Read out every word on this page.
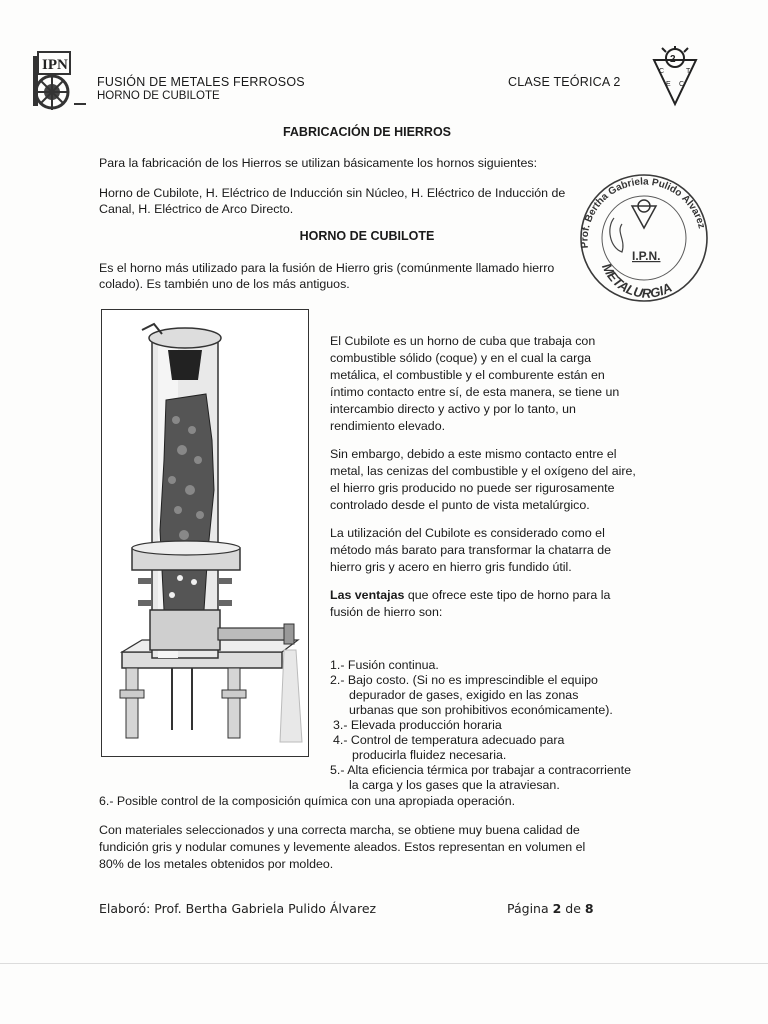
IPN
FUSIÓN DE METALES FERROSOS
HORNO DE CUBILOTE
CLASE TEÓRICA 2
2
C	T
E C
FABRICACIÓN DE HIERROS
Para la fabricación de los Hierros se utilizan básicamente los hornos siguientes:
Horno de Cubilote, H. Eléctrico de Inducción sin Núcleo, H. Eléctrico de Inducción de
Canal, H. Eléctrico de Arco Directo.
HORNO DE CUBILOTE
Es el horno más utilizado para la fusión de Hierro gris (comúnmente llamado hierro
colado). Es también uno de los más antiguos.
Prof. Bertha Gabriela Pulido Álvarez
METALURGIA
I.P.N.

El Cubilote es un horno de cuba que trabaja con combustible sólido (coque) y en el cual la carga metálica, el combustible y el comburente están en íntimo contacto entre sí, de esta manera, se tiene un intercambio directo y activo y por lo tanto, un rendimiento elevado.

Sin embargo, debido a este mismo contacto entre el metal, las cenizas del combustible y el oxígeno del aire, el hierro gris producido no puede ser rigurosamente controlado desde el punto de vista metalúrgico.

La utilización del Cubilote es considerado como el método más barato para transformar la chatarra de hierro gris y acero en hierro gris fundido útil.

Las ventajas que ofrece este tipo de horno para la fusión de hierro son:

1.- Fusión continua.
2.- Bajo costo. (Si no es imprescindible el equipo
depurador de gases, exigido en las zonas
urbanas que son prohibitivos económicamente).
3.- Elevada producción horaria
4.- Control de temperatura adecuado para
producirla fluidez necesaria.
5.- Alta eficiencia térmica por trabajar a contracorriente
la carga y los gases que la atraviesan.
6.- Posible control de la composición química con una apropiada operación.
Con materiales seleccionados y una correcta marcha, se obtiene muy buena calidad de
fundición gris y nodular comunes y levemente aleados. Estos representan en volumen el
80% de los metales obtenidos por moldeo.
Elaboró: Prof. Bertha Gabriela Pulido Álvarez	Página 2 de 8
